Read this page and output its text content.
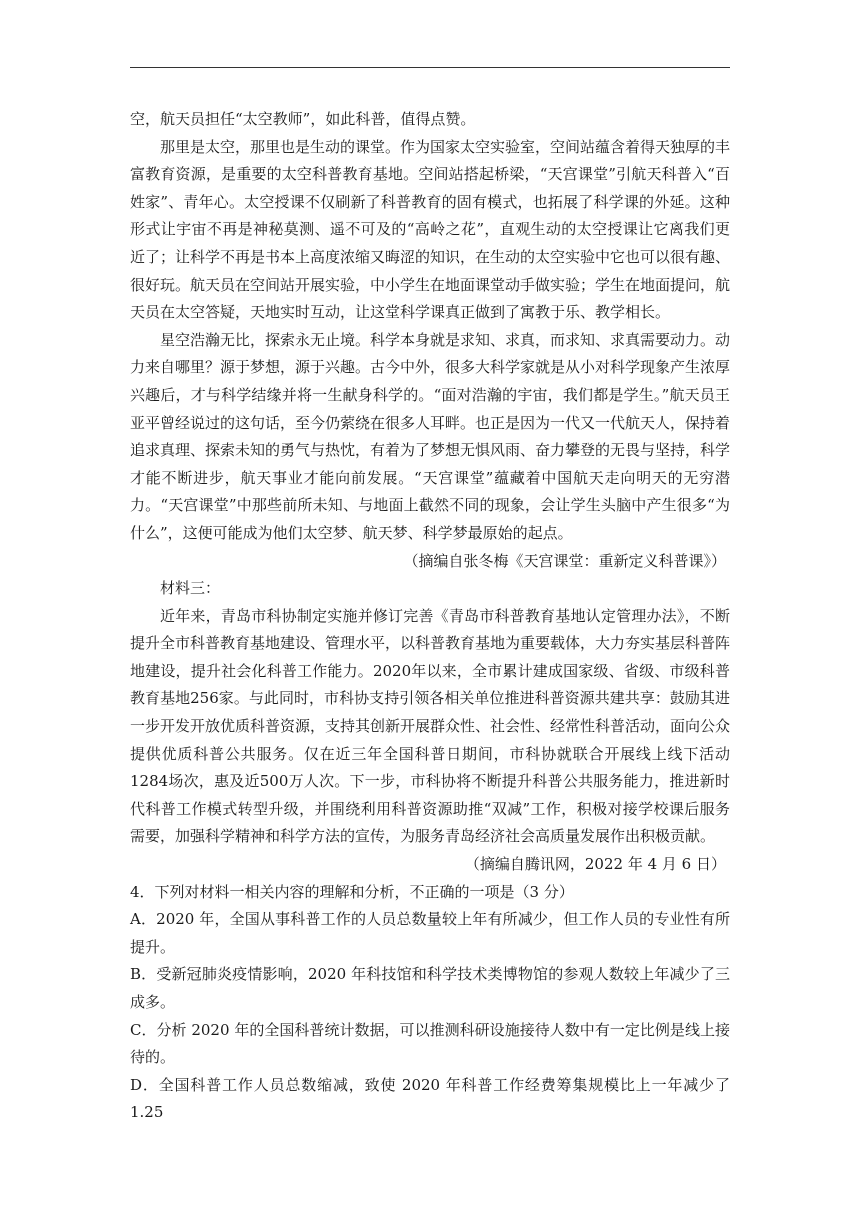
空，航天员担任“太空教师”，如此科普，值得点赞。

那里是太空，那里也是生动的课堂。作为国家太空实验室，空间站蕴含着得天独厚的丰富教育资源，是重要的太空科普教育基地。空间站搭起桥梁，“天宫课堂”引航天科普入“百姓家”、青年心。太空授课不仅刷新了科普教育的固有模式，也拓展了科学课的外延。这种形式让宇宙不再是神秘莫测、遥不可及的“高岭之花”，直观生动的太空授课让它离我们更近了；让科学不再是书本上高度浓缩又晦涩的知识，在生动的太空实验中它也可以很有趣、很好玩。航天员在空间站开展实验，中小学生在地面课堂动手做实验；学生在地面提问，航天员在太空答疑，天地实时互动，让这堂科学课真正做到了寓教于乐、教学相长。

星空浩瀚无比，探索永无止境。科学本身就是求知、求真，而求知、求真需要动力。动力来自哪里？源于梦想，源于兴趣。古今中外，很多大科学家就是从小对科学现象产生浓厚兴趣后，才与科学结缘并将一生献身科学的。“面对浩瀚的宇宙，我们都是学生。”航天员王亚平曾经说过的这句话，至今仍萦绕在很多人耳畔。也正是因为一代又一代航天人，保持着追求真理、探索未知的勇气与热忱，有着为了梦想无惧风雨、奋力攀登的无畏与坚持，科学才能不断进步，航天事业才能向前发展。“天宫课堂”蕴藏着中国航天走向明天的无穷潜力。“天宫课堂”中那些前所未知、与地面上截然不同的现象，会让学生头脑中产生很多“为什么”，这便可能成为他们太空梦、航天梦、科学梦最原始的起点。

（摘编自张冬梅《天宫课堂：重新定义科普课》）

材料三：

近年来，青岛市科协制定实施并修订完善《青岛市科普教育基地认定管理办法》，不断提升全市科普教育基地建设、管理水平，以科普教育基地为重要载体，大力夯实基层科普阵地建设，提升社会化科普工作能力。2020年以来，全市累计建成国家级、省级、市级科普教育基地256家。与此同时，市科协支持引领各相关单位推进科普资源共建共享：鼓励其进一步开发开放优质科普资源，支持其创新开展群众性、社会性、经常性科普活动，面向公众提供优质科普公共服务。仅在近三年全国科普日期间，市科协就联合开展线上线下活动1284场次，惠及近500万人次。下一步，市科协将不断提升科普公共服务能力，推进新时代科普工作模式转型升级，并围绕利用科普资源助推“双减”工作，积极对接学校课后服务需要，加强科学精神和科学方法的宣传，为服务青岛经济社会高质量发展作出积极贡献。

（摘编自腾讯网，2022 年 4 月 6 日）

4．下列对材料一相关内容的理解和分析，不正确的一项是（3 分）

A．2020 年，全国从事科普工作的人员总数量较上年有所减少，但工作人员的专业性有所提升。

B．受新冠肺炎疫情影响，2020 年科技馆和科学技术类博物馆的参观人数较上年减少了三成多。

C．分析 2020 年的全国科普统计数据，可以推测科研设施接待人数中有一定比例是线上接待的。

D．全国科普工作人员总数缩减，致使 2020 年科普工作经费筹集规模比上一年减少了 1.25
